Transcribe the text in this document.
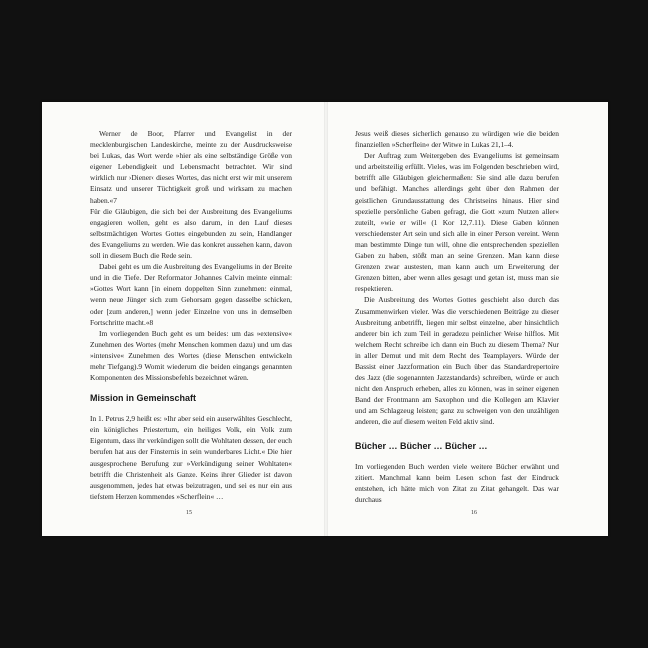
Werner de Boor, Pfarrer und Evangelist in der mecklenburgischen Landeskirche, meinte zu der Ausdrucksweise bei Lukas, das Wort werde »hier als eine selbständige Größe von eigener Lebendigkeit und Lebensmacht betrachtet. Wir sind wirklich nur ›Diener‹ dieses Wortes, das nicht erst wir mit unserem Einsatz und unserer Tüchtigkeit groß und wirksam zu machen haben.«7

Für die Gläubigen, die sich bei der Ausbreitung des Evangeliums engagieren wollen, geht es also darum, in den Lauf dieses selbstmächtigen Wortes Gottes eingebunden zu sein, Handlanger des Evangeliums zu werden. Wie das konkret aussehen kann, davon soll in diesem Buch die Rede sein.

Dabei geht es um die Ausbreitung des Evangeliums in der Breite und in die Tiefe. Der Reformator Johannes Calvin meinte einmal: »Gottes Wort kann [in einem doppelten Sinn zunehmen: einmal, wenn neue Jünger sich zum Gehorsam gegen dasselbe schicken, oder [zum anderen,] wenn jeder Einzelne von uns in demselben Fortschritte macht.«8

Im vorliegenden Buch geht es um beides: um das »extensive« Zunehmen des Wortes (mehr Menschen kommen dazu) und um das »intensive« Zunehmen des Wortes (diese Menschen entwickeln mehr Tiefgang).9 Womit wiederum die beiden eingangs genannten Komponenten des Missionsbefehls bezeichnet wären.

Mission in Gemeinschaft

In 1. Petrus 2,9 heißt es: »Ihr aber seid ein auserwähltes Geschlecht, ein königliches Priestertum, ein heiliges Volk, ein Volk zum Eigentum, dass ihr verkündigen sollt die Wohltaten dessen, der euch berufen hat aus der Finsternis in sein wunderbares Licht.« Die hier ausgesprochene Berufung zur »Verkündigung seiner Wohltaten« betrifft die Christenheit als Ganze. Keins ihrer Glieder ist davon ausgenommen, jedes hat etwas beizutragen, und sei es nur ein aus tiefstem Herzen kommendes »Scherflein« …

15

Jesus weiß dieses sicherlich genauso zu würdigen wie die beiden finanziellen »Scherflein« der Witwe in Lukas 21,1–4.

Der Auftrag zum Weitergeben des Evangeliums ist gemeinsam und arbeitsteilig erfüllt. Vieles, was im Folgenden beschrieben wird, betrifft alle Gläubigen gleichermaßen: Sie sind alle dazu berufen und befähigt. Manches allerdings geht über den Rahmen der geistlichen Grundausstattung des Christseins hinaus. Hier sind spezielle persönliche Gaben gefragt, die Gott »zum Nutzen aller« zuteilt, »wie er will« (1 Kor 12,7.11). Diese Gaben können verschiedenster Art sein und sich alle in einer Person vereint. Wenn man bestimmte Dinge tun will, ohne die entsprechenden speziellen Gaben zu haben, stößt man an seine Grenzen. Man kann diese Grenzen zwar austesten, man kann auch um Erweiterung der Grenzen bitten, aber wenn alles gesagt und getan ist, muss man sie respektieren.

Die Ausbreitung des Wortes Gottes geschieht also durch das Zusammenwirken vieler. Was die verschiedenen Beiträge zu dieser Ausbreitung anbetrifft, liegen mir selbst einzelne, aber hinsichtlich anderer bin ich zum Teil in geradezu peinlicher Weise hilflos. Mit welchem Recht schreibe ich dann ein Buch zu diesem Thema? Nur in aller Demut und mit dem Recht des Teamplayers. Würde der Bassist einer Jazzformation ein Buch über das Standardrepertoire des Jazz (die sogenannten Jazzstandards) schreiben, würde er auch nicht den Anspruch erheben, alles zu können, was in seiner eigenen Band der Frontmann am Saxophon und die Kollegen am Klavier und am Schlagzeug leisten; ganz zu schweigen von den unzähligen anderen, die auf diesem weiten Feld aktiv sind.

Bücher … Bücher … Bücher …

Im vorliegenden Buch werden viele weitere Bücher erwähnt und zitiert. Manchmal kann beim Lesen schon fast der Eindruck entstehen, ich hätte mich von Zitat zu Zitat gehangelt. Das war durchaus

16
